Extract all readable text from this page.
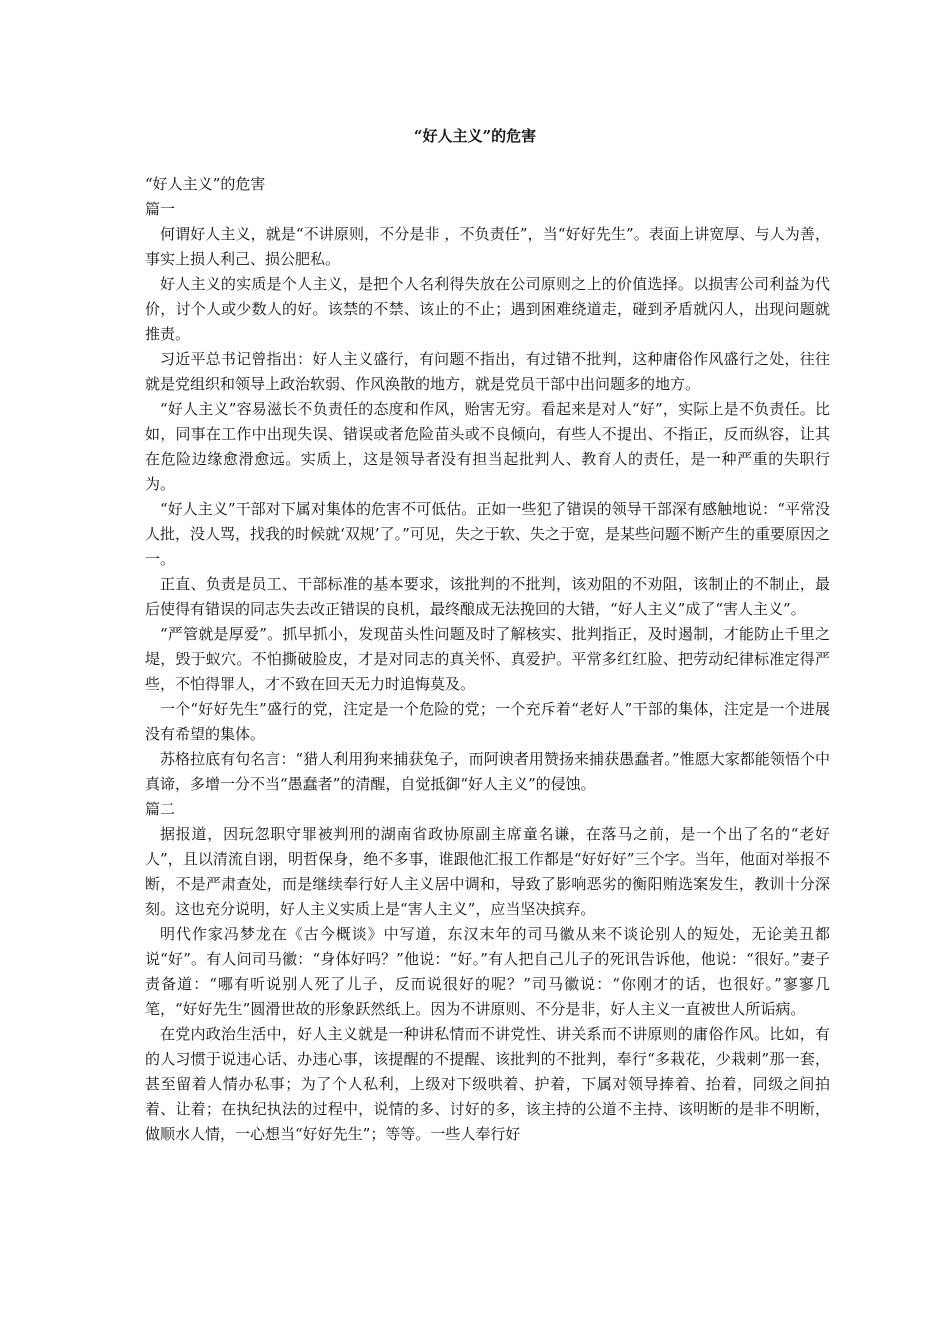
“好人主义”的危害

“好人主义”的危害

篇一

何谓好人主义，就是“不讲原则，不分是非 ，不负责任”，当“好好先生”。表面上讲宽厚、与人为善，事实上损人利己、损公肥私。

好人主义的实质是个人主义，是把个人名利得失放在公司原则之上的价值选择。以损害公司利益为代价，讨个人或少数人的好。该禁的不禁、该止的不止；遇到困难绕道走，碰到矛盾就闪人，出现问题就推责。

习近平总书记曾指出：好人主义盛行，有问题不指出，有过错不批判，这种庸俗作风盛行之处，往往就是党组织和领导上政治软弱、作风涣散的地方，就是党员干部中出问题多的地方。

“好人主义”容易滋长不负责任的态度和作风，贻害无穷。看起来是对人“好”，实际上是不负责任。比如，同事在工作中出现失误、错误或者危险苗头或不良倾向，有些人不提出、不指正，反而纵容，让其在危险边缘愈滑愈远。实质上，这是领导者没有担当起批判人、教育人的责任，是一种严重的失职行为。

“好人主义”干部对下属对集体的危害不可低估。正如一些犯了错误的领导干部深有感触地说：“平常没人批，没人骂，找我的时候就‘双规’了。”可见，失之于软、失之于宽，是某些问题不断产生的重要原因之一。

正直、负责是员工、干部标准的基本要求，该批判的不批判，该劝阻的不劝阻，该制止的不制止，最后使得有错误的同志失去改正错误的良机，最终酿成无法挽回的大错，“好人主义”成了“害人主义”。

“严管就是厚爱”。抓早抓小，发现苗头性问题及时了解核实、批判指正，及时遏制，才能防止千里之堤，毁于蚁穴。不怕撕破脸皮，才是对同志的真关怀、真爱护。平常多红红脸、把劳动纪律标准定得严些，不怕得罪人，才不致在回天无力时追悔莫及。

一个“好好先生”盛行的党，注定是一个危险的党；一个充斥着“老好人”干部的集体，注定是一个进展没有希望的集体。

苏格拉底有句名言：“猎人利用狗来捕获兔子，而阿谀者用赞扬来捕获愚蠢者。”惟愿大家都能领悟个中真谛，多增一分不当“愚蠢者”的清醒，自觉抵御“好人主义”的侵蚀。

篇二

据报道，因玩忽职守罪被判刑的湖南省政协原副主席童名谦，在落马之前，是一个出了名的“老好人”，且以清流自诩，明哲保身，绝不多事，谁跟他汇报工作都是“好好好”三个字。当年，他面对举报不断，不是严肃查处，而是继续奉行好人主义居中调和，导致了影响恶劣的衡阳贿选案发生，教训十分深刻。这也充分说明，好人主义实质上是“害人主义”，应当坚决摈弃。

明代作家冯梦龙在《古今概谈》中写道，东汉末年的司马徽从来不谈论别人的短处，无论美丑都说“好”。有人问司马徽：“身体好吗？”他说：“好。”有人把自己儿子的死讯告诉他，他说：“很好。”妻子责备道：“哪有听说别人死了儿子，反而说很好的呢？”司马徽说：“你刚才的话，也很好。”寥寥几笔，“好好先生”圆滑世故的形象跃然纸上。因为不讲原则、不分是非，好人主义一直被世人所诟病。

在党内政治生活中，好人主义就是一种讲私情而不讲党性、讲关系而不讲原则的庸俗作风。比如，有的人习惯于说违心话、办违心事，该提醒的不提醒、该批判的不批判，奉行“多栽花，少栽刺”那一套，甚至留着人情办私事；为了个人私利，上级对下级哄着、护着，下属对领导捧着、抬着，同级之间拍着、让着；在执纪执法的过程中，说情的多、讨好的多，该主持的公道不主持、该明断的是非不明断，做顺水人情，一心想当“好好先生”；等等。一些人奉行好
